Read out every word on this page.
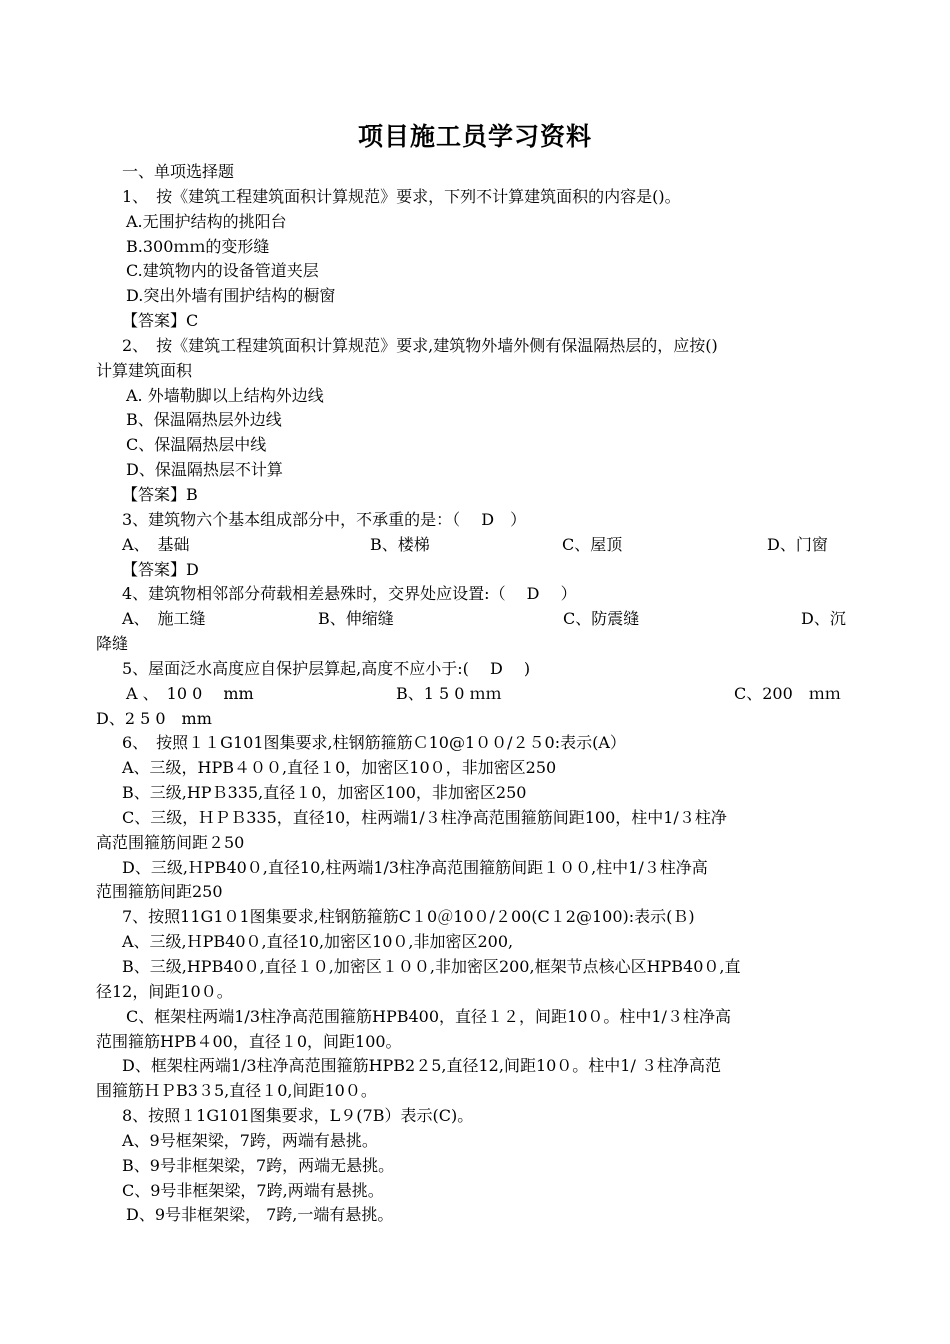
项目施工员学习资料
一、单项选择题
1、　按《建筑工程建筑面积计算规范》要求，下列不计算建筑面积的内容是()。
A.无围护结构的挑阳台
B.300ｍｍ的变形缝
C.建筑物内的设备管道夹层
D.突出外墙有围护结构的橱窗
【答案】C
2、　按《建筑工程建筑面积计算规范》要求,建筑物外墙外侧有保温隔热层的，应按()
计算建筑面积
A. 外墙勒脚以上结构外边线
B、保温隔热层外边线
C、保温隔热层中线
D、保温隔热层不计算
【答案】B
3、建筑物六个基本组成部分中，不承重的是：（　 D　）
A、　基础	B、楼梯	C、屋顶	D、门窗
【答案】D
4、建筑物相邻部分荷载相差悬殊时，交界处应设置:（　 D　 ）
A、　施工缝	B、伸缩缝	C、防震缝	D、沉
降缝
5、屋面泛水高度应自保护层算起,高度不应小于:(　 D　 )
A 、　10 0　 mm	B、1 5 0 ｍｍ	C、200　ｍｍ
D、2 5 0　mm
6、　按照１１G101图集要求,柱钢筋箍筋Ｃ10@1００/２５0:表示(A）
A、三级，HPB４００,直径１0，加密区10０，非加密区250
B、三级,HPＢ335,直径１0，加密区100，非加密区250
C、三级，ＨＰＢ335，直径10，柱两端1/３柱净高范围箍筋间距100，柱中1/３柱净
高范围箍筋间距２50
D、三级,ＨPB40０,直径10,柱两端1/3柱净高范围箍筋间距１００,柱中1/３柱净高
范围箍筋间距250
7、按照11G1０1图集要求,柱钢筋箍筋C１0＠10０/２00(C１2@100):表示(Ｂ)
A、三级,ＨPB40０,直径10,加密区10０,非加密区200,
B、三级,HPB40０,直径１０,加密区１００,非加密区200,框架节点核心区HPB40０,直
径12，间距10０。
C、框架柱两端1/3柱净高范围箍筋HPB400，直径１２，间距10０。柱中1/３柱净高
范围箍筋HPB４00，直径１0，间距100。
D、框架柱两端1/3柱净高范围箍筋HPB2２5,直径12,间距10０。柱中1/ ３柱净高范
围箍筋ＨＰB3３5,直径１0,间距10０。
8、按照１1G101图集要求，L９(7B）表示(C)。
A、9号框架梁，7跨，两端有悬挑。
B、9号非框架梁，7跨，两端无悬挑。
C、9号非框架梁，7跨,两端有悬挑。
D、9号非框架梁， 7跨,一端有悬挑。
